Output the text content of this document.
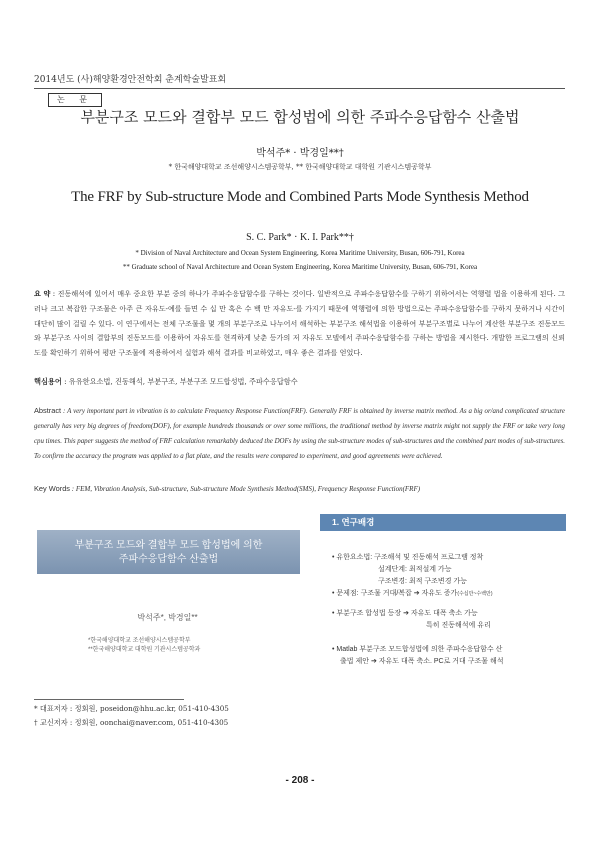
2014년도 (사)해양환경안전학회 춘계학술발표회
논 문
부분구조 모드와 결합부 모드 합성법에 의한 주파수응답함수 산출법
박석주* · 박경일**†
* 한국해양대학교 조선해양시스템공학부, ** 한국해양대학교 대학원 기관시스템공학부
The FRF by Sub-structure Mode and Combined Parts Mode Synthesis Method
S. C. Park* · K. I. Park**†
* Division of Naval Architecture and Ocean System Engineering, Korea Maritime University, Busan, 606-791, Korea
** Graduate school of Naval Architecture and Ocean System Engineering, Korea Maritime University, Busan, 606-791, Korea
요 약 : 진동해석에 있어서 매우 중요한 부분 중의 하나가 주파수응답함수를 구하는 것이다. 일반적으로 주파수응답함수를 구하기 위하여서는 역행렬 법을 이용하게 된다. 그러나 크고 복잡한 구조물은 아주 큰 자유도-예를 들면 수 십 만 혹은 수 백 만 자유도-를 가지기 때문에 역행렬에 의한 방법으로는 주파수응답함수를 구하지 못하거나 시간이 대단히 많이 걸릴 수 있다. 이 연구에서는 전체 구조물을 몇 개의 부분구조로 나누어서 해석하는 부분구조 해석법을 이용하여 부분구조별로 나누어 계산한 부분구조 진동모드와 부분구조 사이의 결합부의 진동모드를 이용하여 자유도를 현격하게 낮춘 등가의 저 자유도 모델에서 주파수응답함수를 구하는 방법을 제시한다. 개발한 프로그램의 신뢰도를 확인하기 위하여 평판 구조물에 적용하여서 실험과 해석 결과를 비교하였고, 매우 좋은 결과를 얻었다.
핵심용어 : 유유한요소법, 진동해석, 부분구조, 부분구조 모드합성법, 주파수응답함수
Abstract : A very important part in vibration is to calculate Frequency Response Function(FRF). Generally FRF is obtained by inverse matrix method. As a big or/and complicated structure generally has very big degrees of freedom(DOF), for example hundreds thousands or over some millions, the traditional method by inverse matrix might not supply the FRF or take very long cpu times. This paper suggests the method of FRF calculation remarkably deduced the DOFs by using the sub-structure modes of sub-structures and the combined part modes of sub-structures. To confirm the accuracy the program was applied to a flat plate, and the results were compared to experiment, and good agreements were achieved.
Key Words : FEM, Vibration Analysis, Sub-structure, Sub-structure Mode Synthesis Method(SMS), Frequency Response Function(FRF)
부분구조 모드와 결합부 모드 합성법에 의한
주파수응답함수 산출법
박석주*, 박경일**
*한국해양대학교 조선해양시스템공학부
**한국해양대학교 대학원 기관시스템공학과
1. 연구배경
• 유한요소법: 구조해석 및 진동해석 프로그램 정착
설계단계: 최적설계 가능
구조변경: 최적 구조변경 가능
• 문제점: 구조물 거대/복잡 ➔ 자유도 증가(수십만~수백만)
• 부분구조 합성법 등장 ➔ 자유도 대폭 축소 가능
특히 진동해석에 유리
• Matlab 부분구조 모드합성법에 의한 주파수응답함수 산
출법 제안 ➔ 자유도 대폭 축소. PC로 거대 구조물 해석
* 대표저자 : 정회원, poseidon@hhu.ac.kr, 051-410-4305
† 교신저자 : 정회원, oonchai@naver.com, 051-410-4305
- 208 -
